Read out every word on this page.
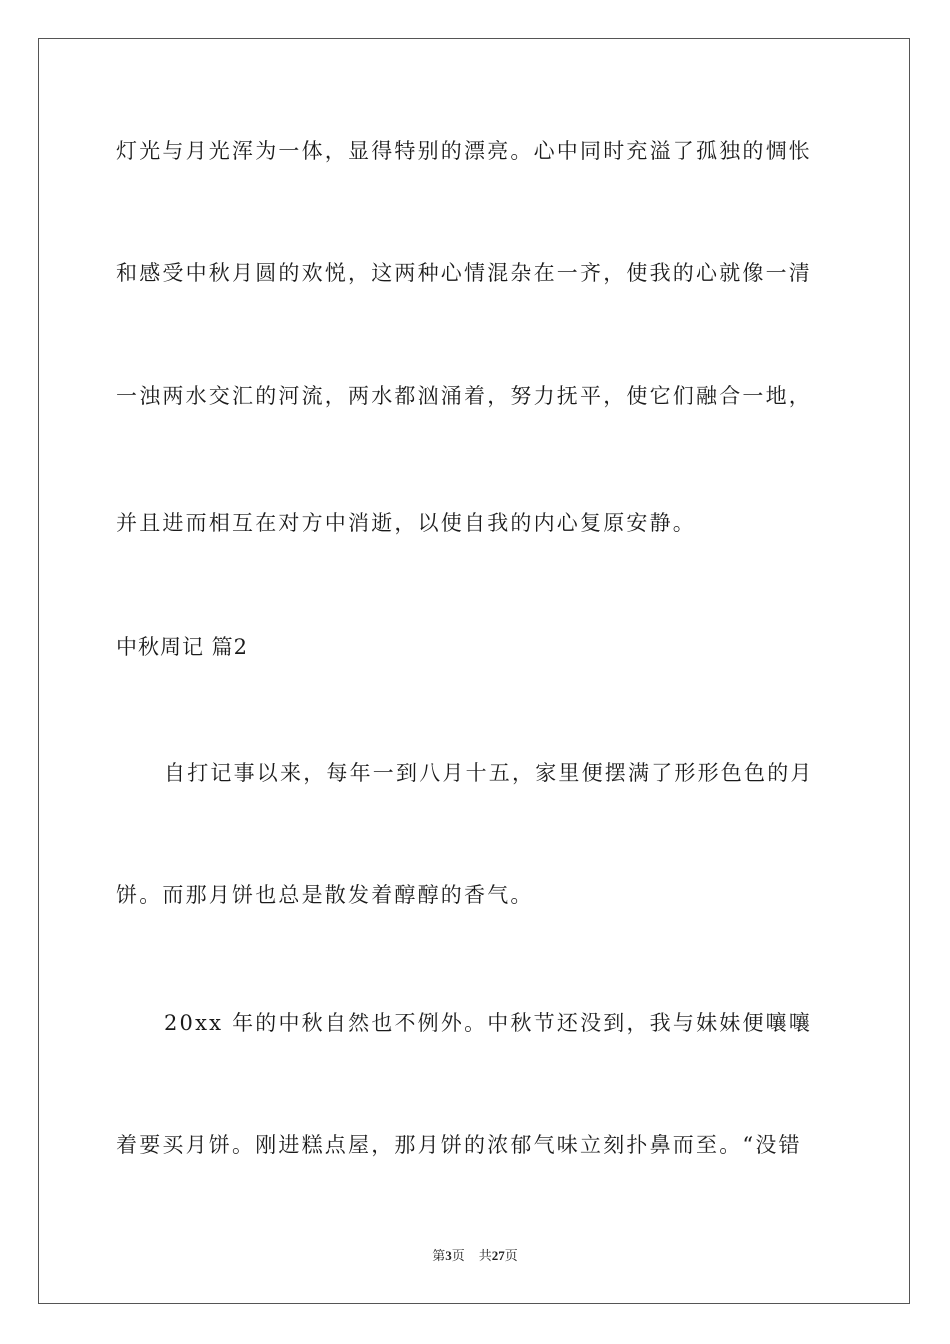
灯光与月光浑为一体，显得特别的漂亮。心中同时充溢了孤独的惆怅
和感受中秋月圆的欢悦，这两种心情混杂在一齐，使我的心就像一清
一浊两水交汇的河流，两水都汹涌着，努力抚平，使它们融合一地，
并且进而相互在对方中消逝，以使自我的内心复原安静。
中秋周记 篇2
自打记事以来，每年一到八月十五，家里便摆满了形形色色的月
饼。而那月饼也总是散发着醇醇的香气。
20xx 年的中秋自然也不例外。中秋节还没到，我与妹妹便嚷嚷
着要买月饼。刚进糕点屋，那月饼的浓郁气味立刻扑鼻而至。“没错
第3页 共27页
